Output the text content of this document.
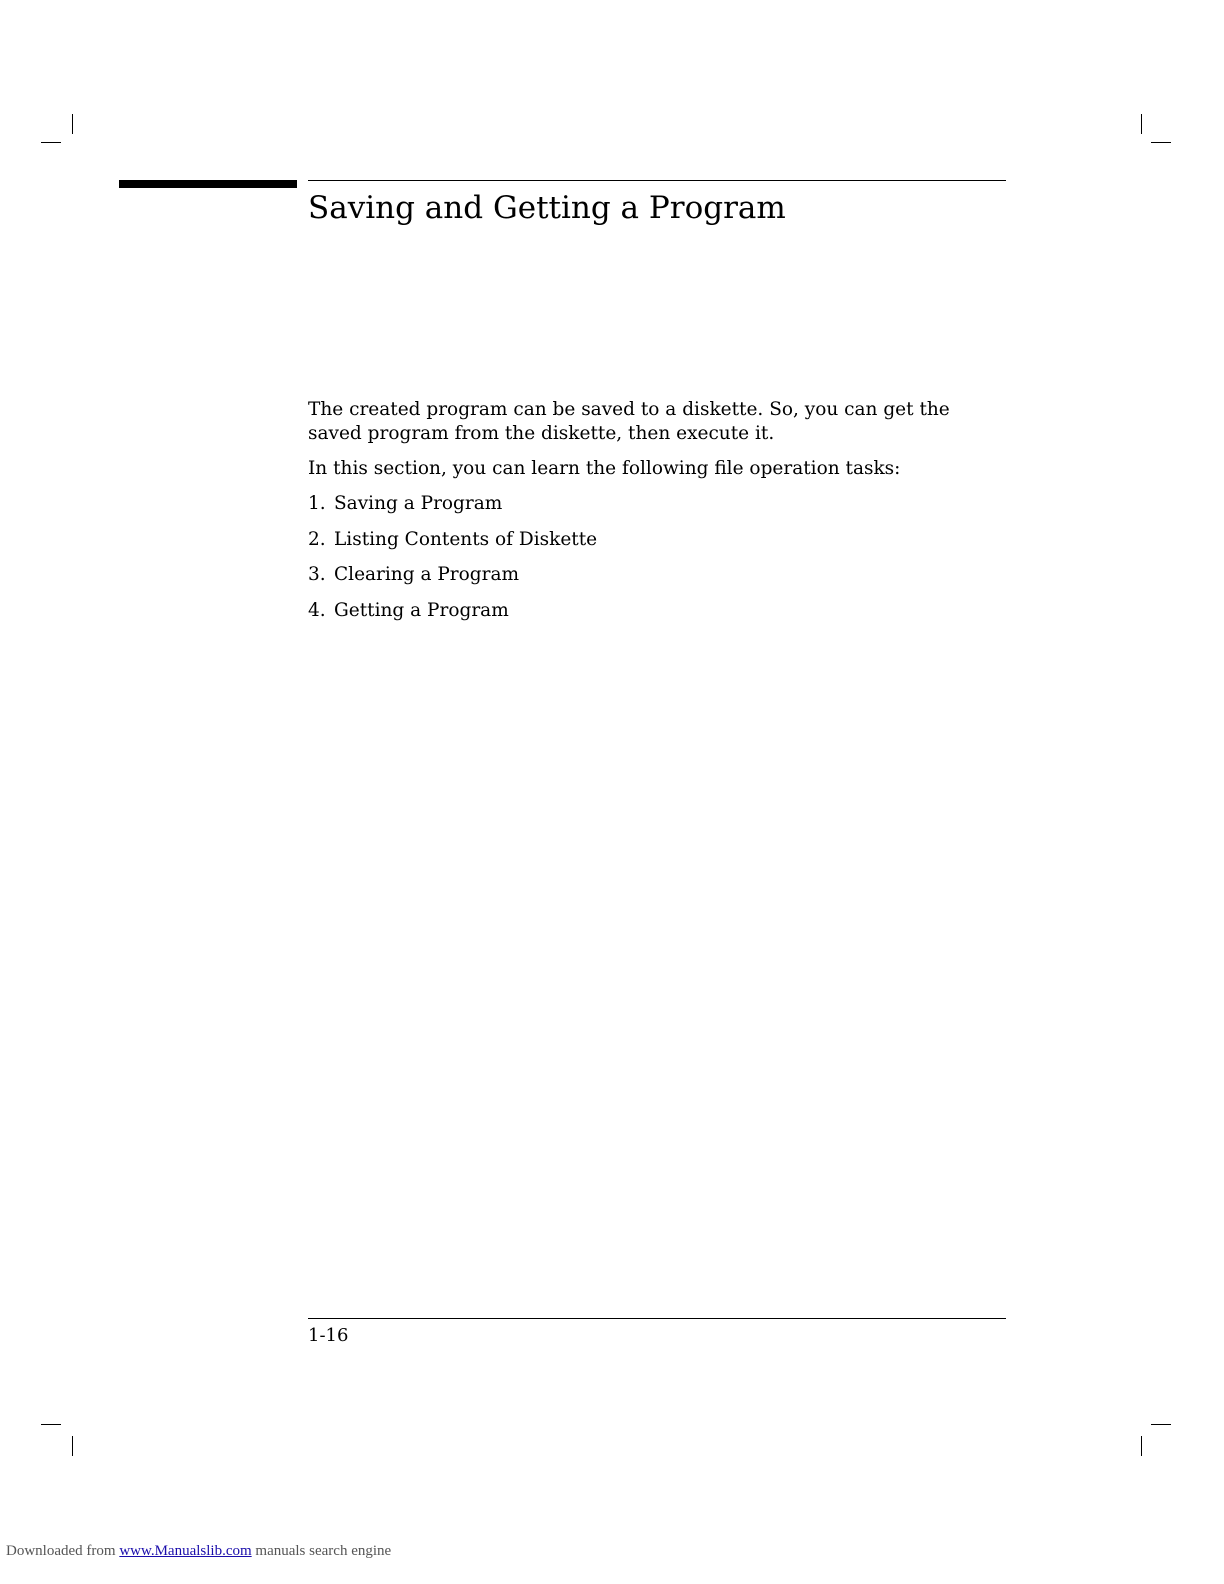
Saving and Getting a Program

The created program can be saved to a diskette. So, you can get the saved program from the diskette, then execute it.

In this section, you can learn the following file operation tasks:

1. Saving a Program
2. Listing Contents of Diskette
3. Clearing a Program
4. Getting a Program
1-16
Downloaded from www.Manualslib.com manuals search engine
